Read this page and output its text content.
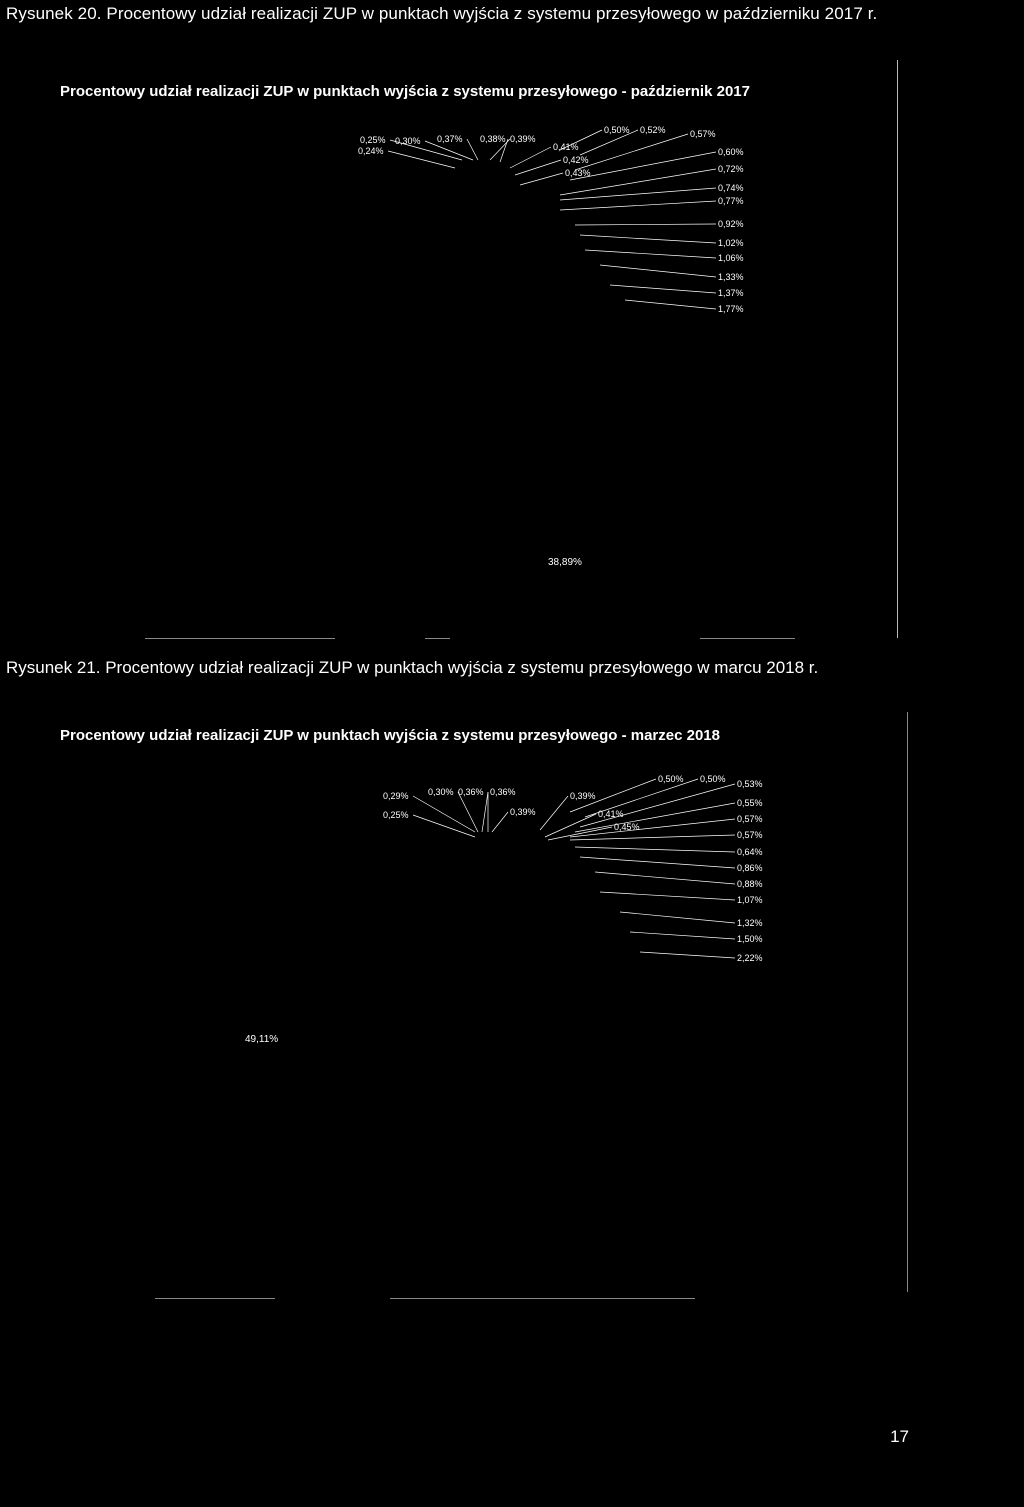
Rysunek 20. Procentowy udział realizacji ZUP w punktach wyjścia z systemu przesyłowego w październiku 2017 r.
Procentowy udział realizacji ZUP w punktach wyjścia z systemu przesyłowego - październik 2017
38,89%
0,24%
0,25% 0,30% 0,37% 0,38% 0,39%
0,41%
0,42%
0,43%
0,50% 0,52%	0,57%
0,60%
0,72%
0,74%
0,77%
0,92%
1,02%
1,06%
1,33%
1,37%
1,77%
Rysunek 21. Procentowy udział realizacji ZUP w punktach wyjścia z systemu przesyłowego w marcu 2018 r.
Procentowy udział realizacji ZUP w punktach wyjścia z systemu przesyłowego - marzec 2018
49,11%
0,25%
0,29% 0,30% 0,36% 0,36%
0,39%
0,39%
0,41%
0,45%
0,50% 0,50% 0,53%
0,55%
0,57%
0,57%
0,64%
0,86%
0,88%
1,07%
1,32%
1,50%
2,22%
17
